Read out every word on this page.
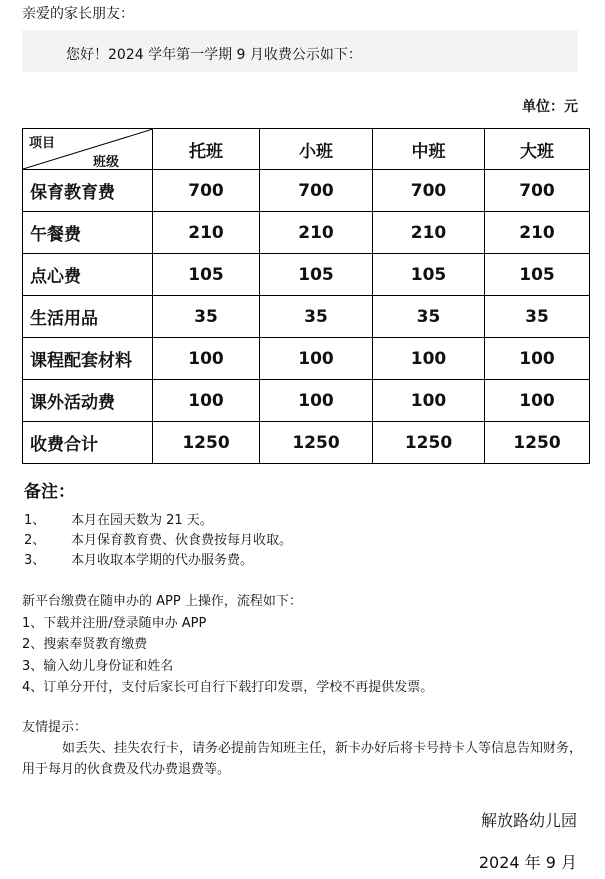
亲爱的家长朋友：
您好！2024 学年第一学期 9 月收费公示如下：
单位：元
项目
班级	托班	小班	中班	大班
保育教育费	700	700	700	700
午餐费	210	210	210	210
点心费	105	105	105	105
生活用品	35	35	35	35
课程配套材料	100	100	100	100
课外活动费	100	100	100	100
收费合计	1250	1250	1250	1250
备注：
1、 本月在园天数为 21 天。
2、 本月保育教育费、伙食费按每月收取。
3、 本月收取本学期的代办服务费。
新平台缴费在随申办的 APP 上操作，流程如下：
1、下载并注册/登录随申办 APP
2、搜索奉贤教育缴费
3、输入幼儿身份证和姓名
4、订单分开付，支付后家长可自行下载打印发票，学校不再提供发票。
友情提示：
如丢失、挂失农行卡，请务必提前告知班主任，新卡办好后将卡号持卡人等信息告知财务，用于每月的伙食费及代办费退费等。
解放路幼儿园
2024 年 9 月
